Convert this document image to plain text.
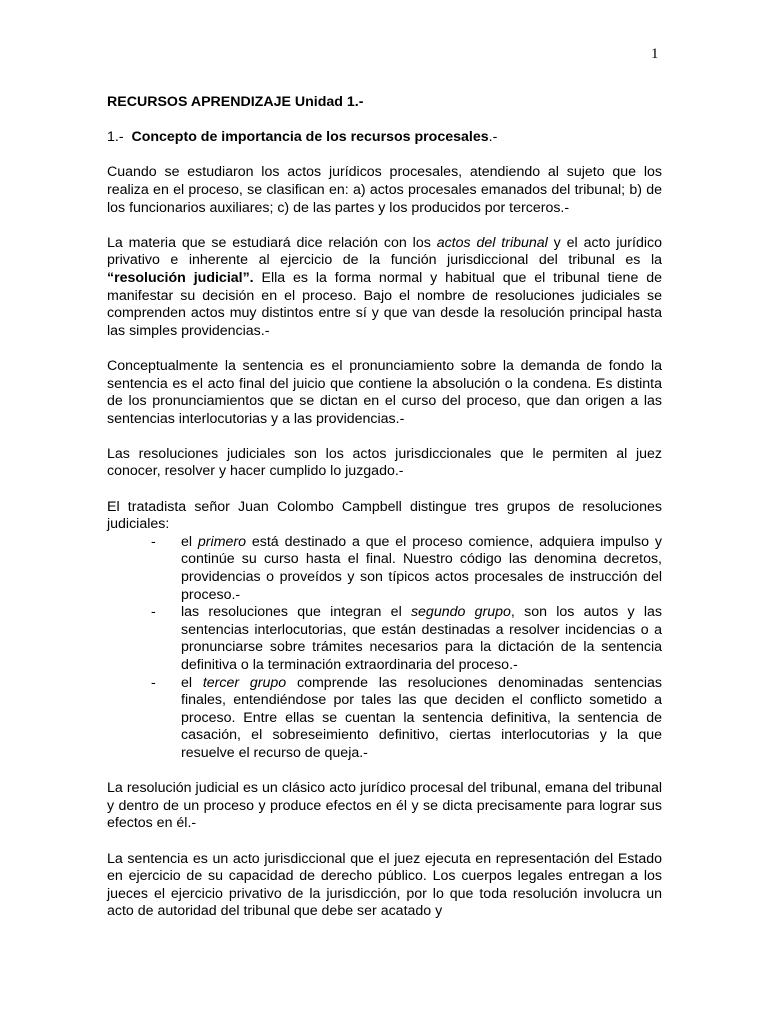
1
RECURSOS APRENDIZAJE Unidad 1.-
1.- Concepto de importancia de los recursos procesales.-

Cuando se estudiaron los actos jurídicos procesales, atendiendo al sujeto que los realiza en el proceso, se clasifican en: a) actos procesales emanados del tribunal; b) de los funcionarios auxiliares; c) de las partes y los producidos por terceros.-

La materia que se estudiará dice relación con los actos del tribunal y el acto jurídico privativo e inherente al ejercicio de la función jurisdiccional del tribunal es la “resolución judicial”. Ella es la forma normal y habitual que el tribunal tiene de manifestar su decisión en el proceso. Bajo el nombre de resoluciones judiciales se comprenden actos muy distintos entre sí y que van desde la resolución principal hasta las simples providencias.-

Conceptualmente la sentencia es el pronunciamiento sobre la demanda de fondo la sentencia es el acto final del juicio que contiene la absolución o la condena. Es distinta de los pronunciamientos que se dictan en el curso del proceso, que dan origen a las sentencias interlocutorias y a las providencias.-

Las resoluciones judiciales son los actos jurisdiccionales que le permiten al juez conocer, resolver y hacer cumplido lo juzgado.-

El tratadista señor Juan Colombo Campbell distingue tres grupos de resoluciones judiciales:

- el primero está destinado a que el proceso comience, adquiera impulso y continúe su curso hasta el final. Nuestro código las denomina decretos, providencias o proveídos y son típicos actos procesales de instrucción del proceso.-
- las resoluciones que integran el segundo grupo, son los autos y las sentencias interlocutorias, que están destinadas a resolver incidencias o a pronunciarse sobre trámites necesarios para la dictación de la sentencia definitiva o la terminación extraordinaria del proceso.-
- el tercer grupo comprende las resoluciones denominadas sentencias finales, entendiéndose por tales las que deciden el conflicto sometido a proceso. Entre ellas se cuentan la sentencia definitiva, la sentencia de casación, el sobreseimiento definitivo, ciertas interlocutorias y la que resuelve el recurso de queja.-

La resolución judicial es un clásico acto jurídico procesal del tribunal, emana del tribunal y dentro de un proceso y produce efectos en él y se dicta precisamente para lograr sus efectos en él.-

La sentencia es un acto jurisdiccional que el juez ejecuta en representación del Estado en ejercicio de su capacidad de derecho público. Los cuerpos legales entregan a los jueces el ejercicio privativo de la jurisdicción, por lo que toda resolución involucra un acto de autoridad del tribunal que debe ser acatado y
